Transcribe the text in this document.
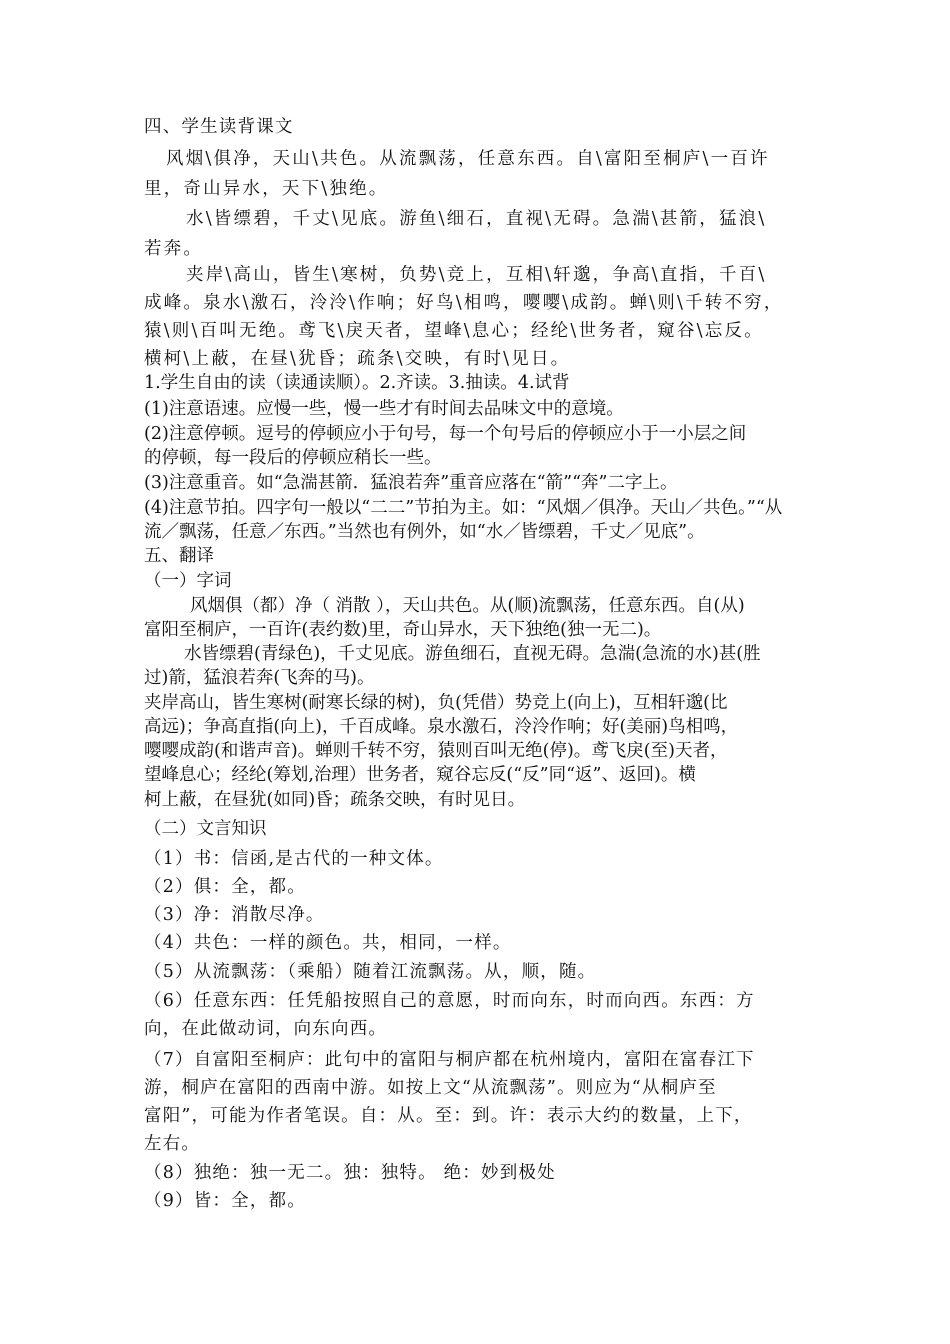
四、学生读背课文
风烟\俱净，天山\共色。从流飘荡，任意东西。自\富阳至桐庐\一百许
里，奇山异水，天下\独绝。
水\皆缥碧，千丈\见底。游鱼\细石，直视\无碍。急湍\甚箭，猛浪\
若奔。
夹岸\高山，皆生\寒树，负势\竞上，互相\轩邈，争高\直指，千百\
成峰。泉水\激石，泠泠\作响；好鸟\相鸣，嘤嘤\成韵。蝉\则\千转不穷，
猿\则\百叫无绝。鸢飞\戾天者，望峰\息心；经纶\世务者，窥谷\忘反。
横柯\上蔽，在昼\犹昏；疏条\交映，有时\见日。
1.学生自由的读（读通读顺）。2.齐读。3.抽读。4.试背
(1)注意语速。应慢一些，慢一些才有时间去品味文中的意境。
(2)注意停顿。逗号的停顿应小于句号，每一个句号后的停顿应小于一小层之间
的停顿，每一段后的停顿应稍长一些。
(3)注意重音。如“急湍甚箭．猛浪若奔”重音应落在“箭”“奔”二字上。
(4)注意节拍。四字句一般以“二二”节拍为主。如：“风烟／俱净。天山／共色。”“从
流／飘荡，任意／东西。”当然也有例外，如“水／皆缥碧，千丈／见底”。
五、翻译
（一）字词
风烟俱（都）净（ 消散 ），天山共色。从(顺)流飘荡，任意东西。自(从)
富阳至桐庐，一百许(表约数)里，奇山异水，天下独绝(独一无二)。
水皆缥碧(青绿色)，千丈见底。游鱼细石，直视无碍。急湍(急流的水)甚(胜
过)箭，猛浪若奔(飞奔的马)。
夹岸高山，皆生寒树(耐寒长绿的树)，负(凭借）势竞上(向上)，互相轩邈(比
高远)；争高直指(向上)，千百成峰。泉水激石，泠泠作响；好(美丽)鸟相鸣，
嘤嘤成韵(和谐声音)。蝉则千转不穷，猿则百叫无绝(停)。鸢飞戾(至)天者，
望峰息心；经纶(筹划,治理）世务者，窥谷忘反(“反”同“返”、返回)。横
柯上蔽，在昼犹(如同)昏；疏条交映，有时见日。
（二）文言知识
（1）书：信函,是古代的一种文体。
（2）俱：全，都。
（3）净：消散尽净。
（4）共色：一样的颜色。共，相同，一样。
（5）从流飘荡：（乘船）随着江流飘荡。从，顺，随。
（6）任意东西：任凭船按照自己的意愿，时而向东，时而向西。东西：方
向，在此做动词，向东向西。
（7）自富阳至桐庐：此句中的富阳与桐庐都在杭州境内，富阳在富春江下
游，桐庐在富阳的西南中游。如按上文“从流飘荡”。则应为“从桐庐至
富阳”，可能为作者笔误。自：从。至：到。许：表示大约的数量，上下，
左右。
（8）独绝：独一无二。独：独特。 绝：妙到极处
（9）皆：全，都。
